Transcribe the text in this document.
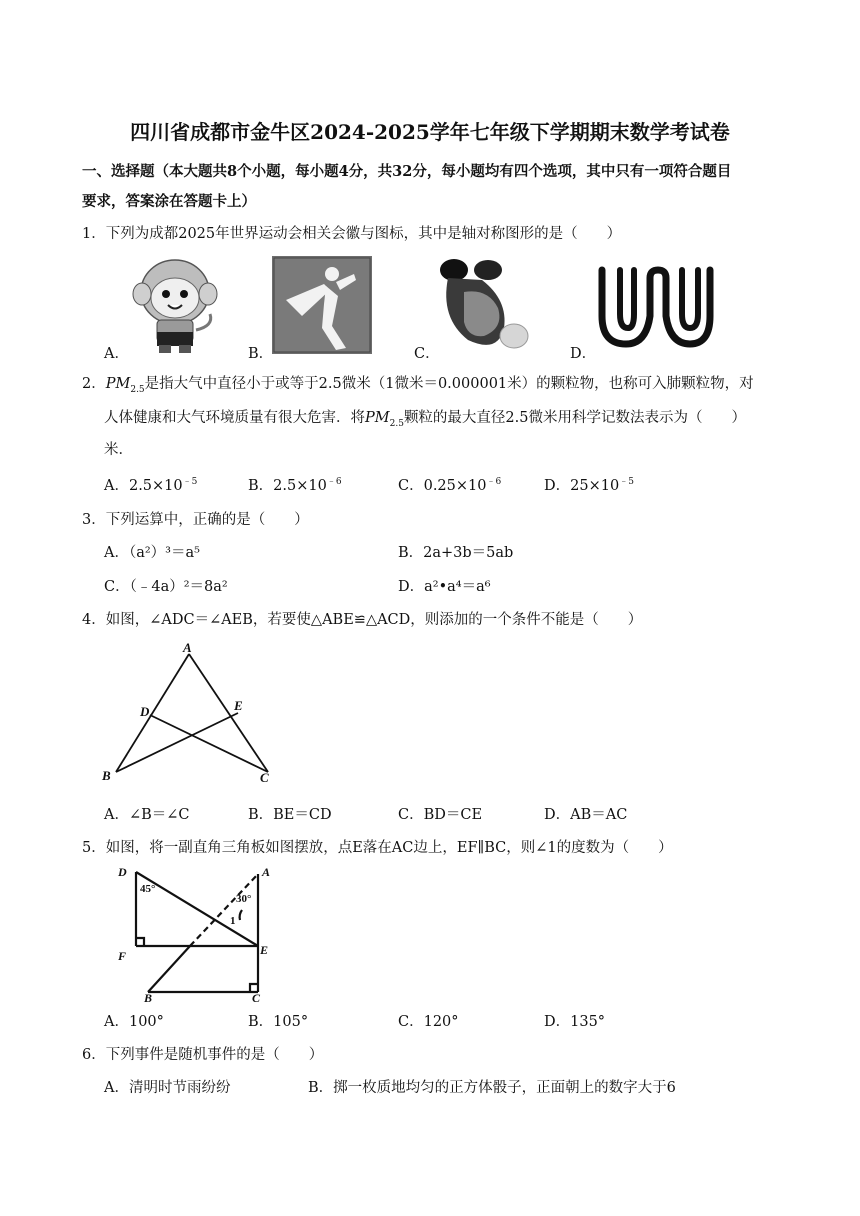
四川省成都市金牛区2024-2025学年七年级下学期期末数学考试卷
一、选择题（本大题共8个小题，每小题4分，共32分，每小题均有四个选项，其中只有一项符合题目
要求，答案涂在答题卡上）
1．下列为成都2025年世界运动会相关会徽与图标，其中是轴对称图形的是（　　）
A．	B．	C．	D．
2．$PM_{2.5}$是指大气中直径小于或等于2.5微米（1微米＝0.000001米）的颗粒物，也称可入肺颗粒物，对
人体健康和大气环境质量有很大危害．将$PM_{2.5}$颗粒的最大直径2.5微米用科学记数法表示为（　　）
米．
A．$2.5\times 10^{﹣5}$	B．$2.5\times 10^{﹣6}$	C．$0.25\times 10^{﹣6}$	D．$25\times 10^{﹣5}$
3．下列运算中，正确的是（　　）
A．（a²）³＝a⁵	B．2a+3b＝5ab
C．（﹣4a）²＝8a²	D．a²•a⁴＝a⁶
4．如图，∠ADC＝∠AEB，若要使△ABE≌△ACD，则添加的一个条件不能是（　　）
A
D	E
B	C
A．∠B＝∠C	B．BE＝CD	C．BD＝CE	D．AB＝AC
5．如图，将一副直角三角板如图摆放，点E落在AC边上，EF∥BC，则∠1的度数为（　　）
D	A
F	E
B	C
45°
30°
1
A．100°	B．105°	C．120°	D．135°
6．下列事件是随机事件的是（　　）
A．清明时节雨纷纷	B．掷一枚质地均匀的正方体骰子，正面朝上的数字大于6
